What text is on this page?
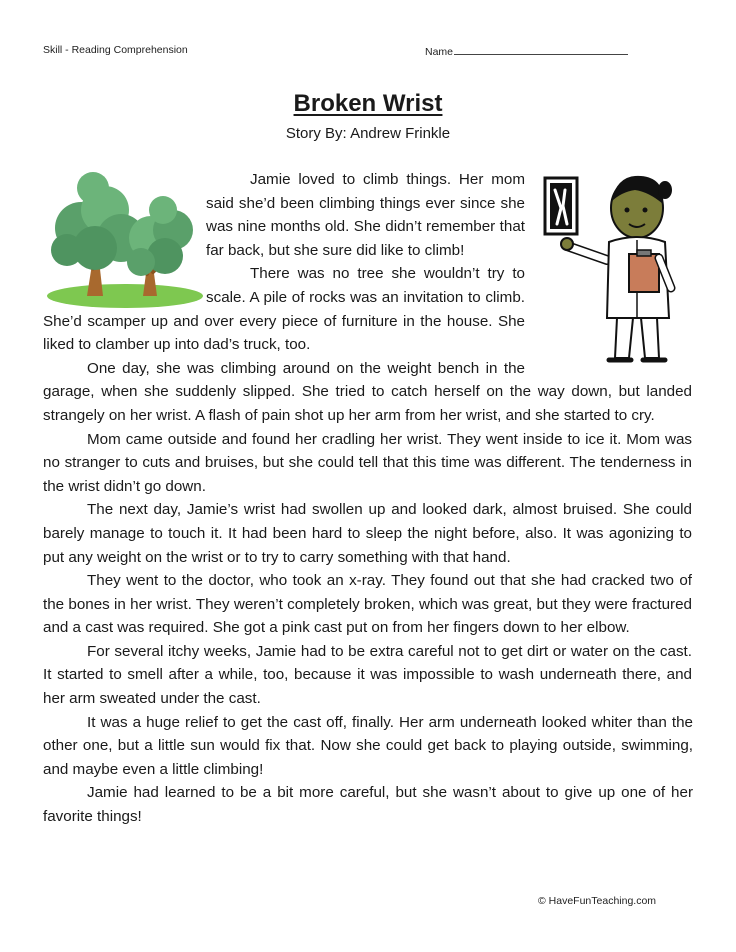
Skill - Reading Comprehension	Name
Broken Wrist
Story By: Andrew Frinkle

Jamie loved to climb things. Her mom said she’d been climbing things ever since she was nine months old. She didn’t remember that far back, but she sure did like to climb!

There was no tree she wouldn’t try to scale. A pile of rocks was an invitation to climb. She’d scamper up and over every piece of furniture in the house. She liked to clamber up into dad’s truck, too.

One day, she was climbing around on the weight bench in the garage, when she suddenly slipped. She tried to catch herself on the way down, but landed strangely on her wrist. A flash of pain shot up her arm from her wrist, and she started to cry.

Mom came outside and found her cradling her wrist. They went inside to ice it. Mom was no stranger to cuts and bruises, but she could tell that this time was different. The tenderness in the wrist didn’t go down.

The next day, Jamie’s wrist had swollen up and looked dark, almost bruised. She could barely manage to touch it. It had been hard to sleep the night before, also. It was agonizing to put any weight on the wrist or to try to carry something with that hand.

They went to the doctor, who took an x-ray. They found out that she had cracked two of the bones in her wrist. They weren’t completely broken, which was great, but they were fractured and a cast was required. She got a pink cast put on from her fingers down to her elbow.

For several itchy weeks, Jamie had to be extra careful not to get dirt or water on the cast. It started to smell after a while, too, because it was impossible to wash underneath there, and her arm sweated under the cast.

It was a huge relief to get the cast off, finally. Her arm underneath looked whiter than the other one, but a little sun would fix that. Now she could get back to playing outside, swimming, and maybe even a little climbing!

Jamie had learned to be a bit more careful, but she wasn’t about to give up one of her favorite things!

© HaveFunTeaching.com
